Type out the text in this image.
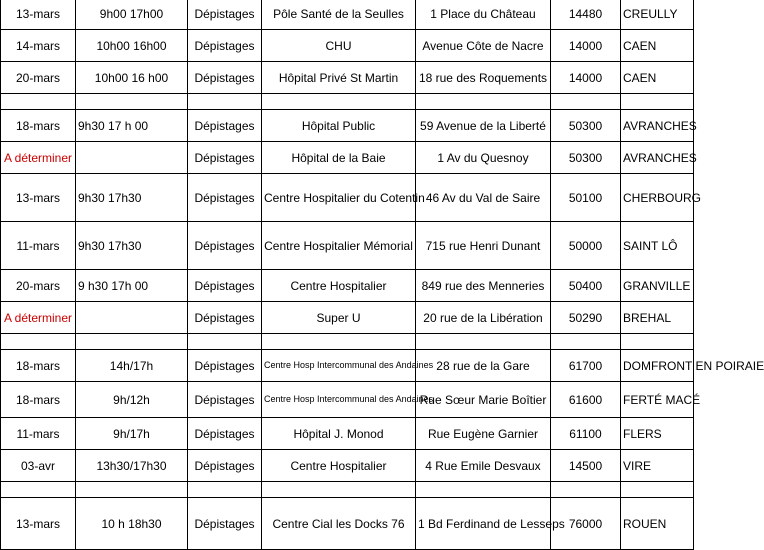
13-mars	9h00 17h00	Dépistages	Pôle Santé de la Seulles	1 Place du Château	14480	CREULLY
14-mars	10h00 16h00	Dépistages	CHU	Avenue Côte de Nacre	14000	CAEN
20-mars	10h00 16 h00	Dépistages	Hôpital Privé St Martin	18 rue des Roquements	14000	CAEN

18-mars	9h30 17 h 00	Dépistages	Hôpital Public	59 Avenue de la Liberté	50300	AVRANCHES
A déterminer		Dépistages	Hôpital de la Baie	1 Av du Quesnoy	50300	AVRANCHES
13-mars	9h30 17h30	Dépistages	Centre Hospitalier du Cotentin	46 Av du Val de Saire	50100	CHERBOURG
11-mars	9h30 17h30	Dépistages	Centre Hospitalier Mémorial	715 rue Henri Dunant	50000	SAINT LÔ
20-mars	9 h30 17h 00	Dépistages	Centre Hospitalier	849 rue des Menneries	50400	GRANVILLE
A déterminer		Dépistages	Super U	20 rue de la Libération	50290	BREHAL

18-mars	14h/17h	Dépistages	Centre Hosp Intercommunal des Andaines	28 rue de la Gare	61700	DOMFRONT EN POIRAIE
18-mars	9h/12h	Dépistages	Centre Hosp Intercommunal des Andaines	Rue Sœur Marie Boîtier	61600	FERTÉ MACÉ
11-mars	9h/17h	Dépistages	Hôpital J. Monod	Rue Eugène Garnier	61100	FLERS
03-avr	13h30/17h30	Dépistages	Centre Hospitalier	4 Rue Emile Desvaux	14500	VIRE

13-mars	10 h 18h30	Dépistages	Centre Cial les Docks 76	1 Bd Ferdinand de Lesseps	76000	ROUEN
